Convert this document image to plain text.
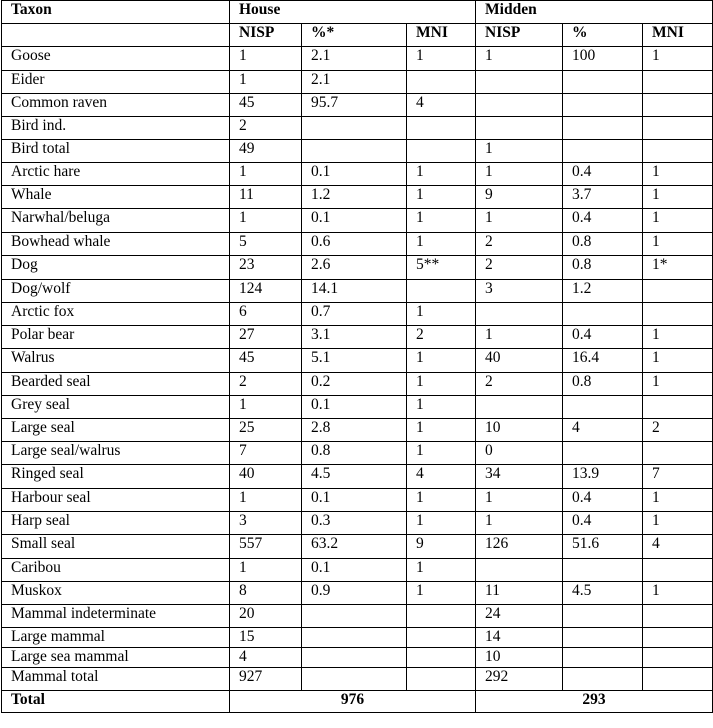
Taxon	House			Midden		
	NISP	%*	MNI	NISP	%	MNI
Goose	1	2.1	1	1	100	1
Eider	1	2.1				
Common raven	45	95.7	4			
Bird ind.	2					
Bird total	49			1		
Arctic hare	1	0.1	1	1	0.4	1
Whale	11	1.2	1	9	3.7	1
Narwhal/beluga	1	0.1	1	1	0.4	1
Bowhead whale	5	0.6	1	2	0.8	1
Dog	23	2.6	5**	2	0.8	1*
Dog/wolf	124	14.1		3	1.2	
Arctic fox	6	0.7	1			
Polar bear	27	3.1	2	1	0.4	1
Walrus	45	5.1	1	40	16.4	1
Bearded seal	2	0.2	1	2	0.8	1
Grey seal	1	0.1	1			
Large seal	25	2.8	1	10	4	2
Large seal/walrus	7	0.8	1	0		
Ringed seal	40	4.5	4	34	13.9	7
Harbour seal	1	0.1	1	1	0.4	1
Harp seal	3	0.3	1	1	0.4	1
Small seal	557	63.2	9	126	51.6	4
Caribou	1	0.1	1			
Muskox	8	0.9	1	11	4.5	1
Mammal indeterminate	20			24		
Large mammal	15			14		
Large sea mammal	4			10		
Mammal total	927			292		
Total	976			293		
